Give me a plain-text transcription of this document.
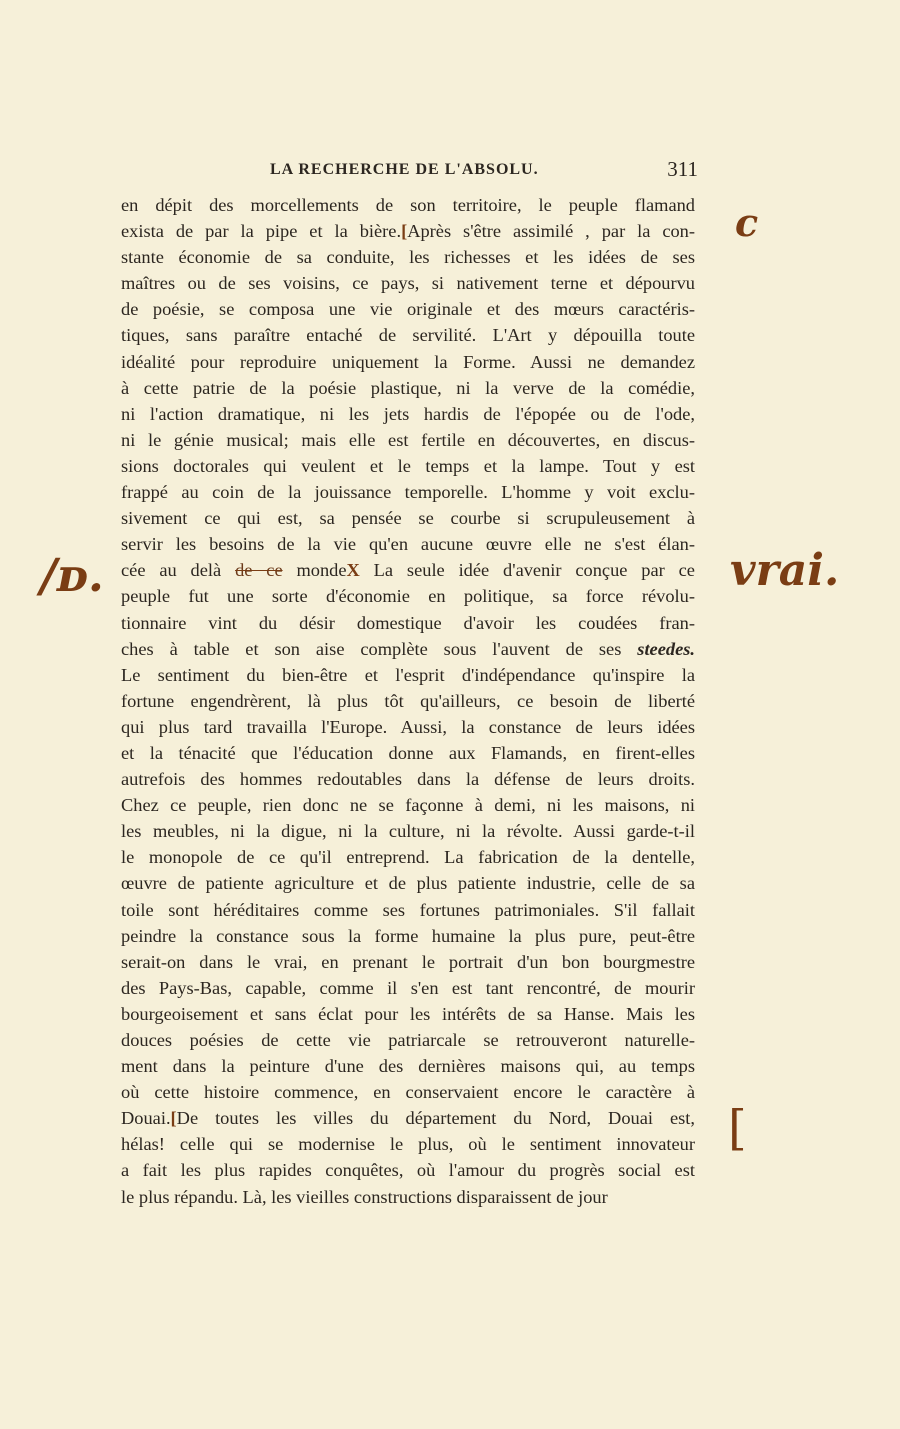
LA RECHERCHE DE L'ABSOLU.	311
c
/ᴅ.	vrai.
[
en dépit des morcellements de son territoire, le peuple flamand
exista de par la pipe et la bière.[Après s'être assimilé , par la con-
stante économie de sa conduite, les richesses et les idées de ses
maîtres ou de ses voisins, ce pays, si nativement terne et dépourvu
de poésie, se composa une vie originale et des mœurs caractéris-
tiques, sans paraître entaché de servilité. L'Art y dépouilla toute
idéalité pour reproduire uniquement la Forme. Aussi ne demandez
à cette patrie de la poésie plastique, ni la verve de la comédie,
ni l'action dramatique, ni les jets hardis de l'épopée ou de l'ode,
ni le génie musical; mais elle est fertile en découvertes, en discus-
sions doctorales qui veulent et le temps et la lampe. Tout y est
frappé au coin de la jouissance temporelle. L'homme y voit exclu-
sivement ce qui est, sa pensée se courbe si scrupuleusement à
servir les besoins de la vie qu'en aucune œuvre elle ne s'est élan-
cée au delà de ce mondeX La seule idée d'avenir conçue par ce
peuple fut une sorte d'économie en politique, sa force révolu-
tionnaire vint du désir domestique d'avoir les coudées fran-
ches à table et son aise complète sous l'auvent de ses steedes.
Le sentiment du bien-être et l'esprit d'indépendance qu'inspire la
fortune engendrèrent, là plus tôt qu'ailleurs, ce besoin de liberté
qui plus tard travailla l'Europe. Aussi, la constance de leurs idées
et la ténacité que l'éducation donne aux Flamands, en firent-elles
autrefois des hommes redoutables dans la défense de leurs droits.
Chez ce peuple, rien donc ne se façonne à demi, ni les maisons, ni
les meubles, ni la digue, ni la culture, ni la révolte. Aussi garde-t-il
le monopole de ce qu'il entreprend. La fabrication de la dentelle,
œuvre de patiente agriculture et de plus patiente industrie, celle de sa
toile sont héréditaires comme ses fortunes patrimoniales. S'il fallait
peindre la constance sous la forme humaine la plus pure, peut-être
serait-on dans le vrai, en prenant le portrait d'un bon bourgmestre
des Pays-Bas, capable, comme il s'en est tant rencontré, de mourir
bourgeoisement et sans éclat pour les intérêts de sa Hanse. Mais les
douces poésies de cette vie patriarcale se retrouveront naturelle-
ment dans la peinture d'une des dernières maisons qui, au temps
où cette histoire commence, en conservaient encore le caractère à
Douai.[De toutes les villes du département du Nord, Douai est,
hélas! celle qui se modernise le plus, où le sentiment innovateur
a fait les plus rapides conquêtes, où l'amour du progrès social est
le plus répandu. Là, les vieilles constructions disparaissent de jour
